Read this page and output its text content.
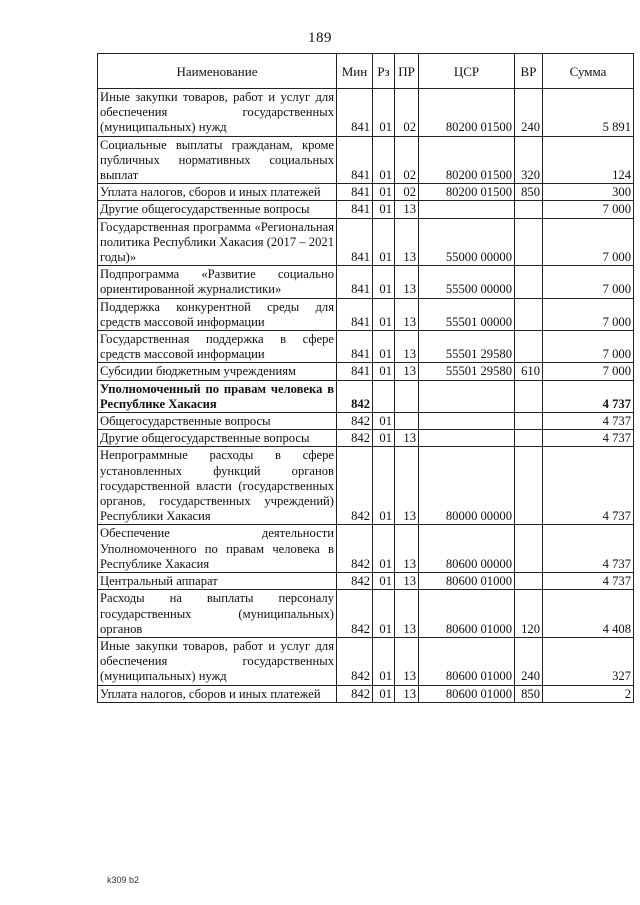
189
Наименование	Мин	Рз	ПР	ЦСР	ВР	Сумма
Иные закупки товаров, работ и услуг для обеспечения государственных (муниципальных) нужд	841	01	02	80200 01500	240	5 891
Социальные выплаты гражданам, кроме публичных нормативных социальных выплат	841	01	02	80200 01500	320	124
Уплата налогов, сборов и иных платежей	841	01	02	80200 01500	850	300
Другие общегосударственные вопросы	841	01	13			7 000
Государственная программа «Региональная политика Республики Хакасия (2017 – 2021 годы)»	841	01	13	55000 00000		7 000
Подпрограмма «Развитие социально ориентированной журналистики»	841	01	13	55500 00000		7 000
Поддержка конкурентной среды для средств массовой информации	841	01	13	55501 00000		7 000
Государственная поддержка в сфере средств массовой информации	841	01	13	55501 29580		7 000
Субсидии бюджетным учреждениям	841	01	13	55501 29580	610	7 000
Уполномоченный по правам человека в Республике Хакасия	842					4 737
Общегосударственные вопросы	842	01				4 737
Другие общегосударственные вопросы	842	01	13			4 737
Непрограммные расходы в сфере установленных функций органов государственной власти (государственных органов, государственных учреждений) Республики Хакасия	842	01	13	80000 00000		4 737
Обеспечение деятельности Уполномоченного по правам человека в Республике Хакасия	842	01	13	80600 00000		4 737
Центральный аппарат	842	01	13	80600 01000		4 737
Расходы на выплаты персоналу государственных (муниципальных) органов	842	01	13	80600 01000	120	4 408
Иные закупки товаров, работ и услуг для обеспечения государственных (муниципальных) нужд	842	01	13	80600 01000	240	327
Уплата налогов, сборов и иных платежей	842	01	13	80600 01000	850	2
k309 b2
